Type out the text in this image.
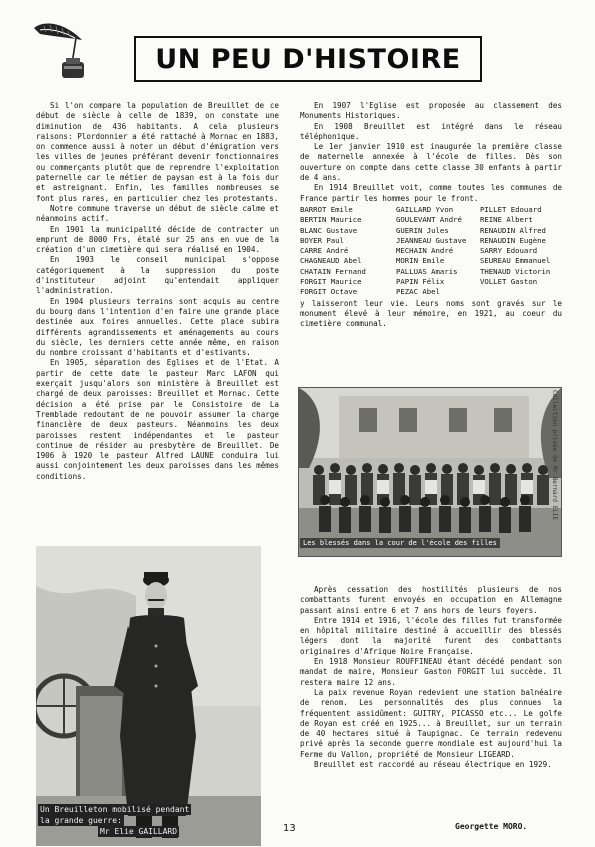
UN PEU D'HISTOIRE

Si l'on compare la population de Breuillet de ce début de siècle à celle de 1839, on constate une diminution de 436 habitants. A cela plusieurs raisons: Plordonnier a été rattaché à Mornac en 1883, on commence aussi à noter un début d'émigration vers les villes de jeunes préférant devenir fonctionnaires ou commerçants plutôt que de reprendre l'exploitation paternelle car le métier de paysan est à la fois dur et astreignant. Enfin, les familles nombreuses se font plus rares, en particulier chez les protestants.

Notre commune traverse un début de siècle calme et néanmoins actif.

En 1901 la municipalité décide de contracter un emprunt de 8000 Frs, étalé sur 25 ans en vue de la création d'un cimetière qui sera réalisé en 1904.

En 1903 le conseil municipal s'oppose catégoriquement à la suppression du poste d'instituteur adjoint qu'entendait appliquer l'administration.

En 1904 plusieurs terrains sont acquis au centre du bourg dans l'intention d'en faire une grande place destinée aux foires annuelles. Cette place subira différents agrandissements et aménagements au cours du siècle, les derniers cette année même, en raison du nombre croissant d'habitants et d'estivants.

En 1905, séparation des Eglises et de l'Etat. A partir de cette date le pasteur Marc LAFON qui exerçait jusqu'alors son ministère à Breuillet est chargé de deux paroisses: Breuillet et Mornac. Cette décision a été prise par le Consistoire de La Tremblade redoutant de ne pouvoir assumer la charge financière de deux pasteurs. Néanmoins les deux paroisses restent indépendantes et le pasteur continue de résider au presbytère de Breuillet. De 1906 à 1920 le pasteur Alfred LAUNE conduira lui aussi conjointement les deux paroisses dans les mêmes conditions.

En 1907 l'Eglise est proposée au classement des Monuments Historiques.

En 1908 Breuillet est intégré dans le réseau téléphonique.

Le 1er janvier 1910 est inaugurée la première classe de maternelle annexée à l'école de filles. Dès son ouverture on compte dans cette classe 30 enfants à partir de 4 ans.

En 1914 Breuillet voit, comme toutes les communes de France partir les hommes pour le front.

BARROT Emile	GAILLARD Yvon	PILLET Edouard
BERTIN Maurice	GOULEVANT André	REINE Albert
BLANC Gustave	GUERIN Jules	RENAUDIN Alfred
BOYER Paul	JEANNEAU Gustave	RENAUDIN Eugène
CARRE André	MECHAIN André	SARRY Edouard
CHAGNEAUD Abel	MORIN Emile	SEUREAU Emmanuel
CHATAIN Fernand	PALLUAS Amaris	THENAUD Victorin
FORGIT Maurice	PAPIN Félix	VOLLET Gaston
FORGIT Octave	PEZAC Abel

y laisseront leur vie. Leurs noms sont gravés sur le monument élevé à leur mémoire, en 1921, au coeur du cimetière communal.

Les blessés dans la cour de l'école des filles
Collection privée de Mr Bernard ELIE
Un Breuilleton mobilisé pendant
la grande guerre:
Mr Elie GAILLARD

Après cessation des hostilités plusieurs de nos combattants furent envoyés en occupation en Allemagne passant ainsi entre 6 et 7 ans hors de leurs foyers.

Entre 1914 et 1916, l'école des filles fut transformée en hôpital militaire destiné à accueillir des blessés légers dont la majorité furent des combattants originaires d'Afrique Noire Française.

En 1918 Monsieur ROUFFINEAU étant décédé pendant son mandat de maire, Monsieur Gaston FORGIT lui succède. Il restera maire 12 ans.

La paix revenue Royan redevient une station balnéaire de renom. Les personnalités des plus connues la fréquentent assidûment: GUITRY, PICASSO etc... Le golfe de Royan est créé en 1925... à Breuillet, sur un terrain de 40 hectares situé à Taupignac. Ce terrain redevenu privé après la seconde guerre mondiale est aujourd'hui la Ferme du Vallon, propriété de Monsieur LIGEARD.

Breuillet est raccordé au réseau électrique en 1929.

13	Georgette MORO.
